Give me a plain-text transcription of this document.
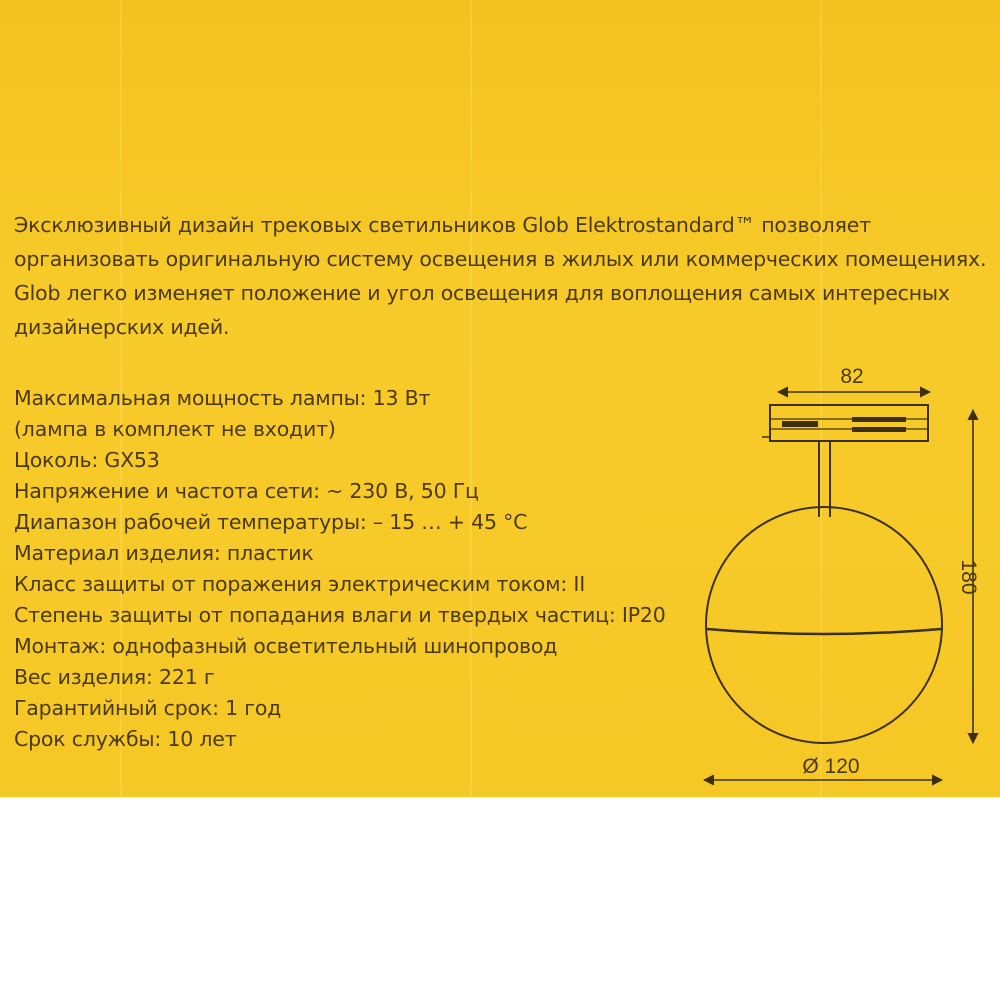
Эксклюзивный дизайн трековых светильников Glob Elektrostandard™ позволяет
организовать оригинальную систему освещения в жилых или коммерческих помещениях.
Glob легко изменяет положение и угол освещения для воплощения самых интересных
дизайнерских идей.
Максимальная мощность лампы: 13 Вт
(лампа в комплект не входит)
Цоколь: GX53
Напряжение и частота сети: ~ 230 В, 50 Гц
Диапазон рабочей температуры: – 15 … + 45 °С
Материал изделия: пластик
Класс защиты от поражения электрическим током: II
Степень защиты от попадания влаги и твердых частиц: IP20
Монтаж: однофазный осветительный шинопровод
Вес изделия: 221 г
Гарантийный срок: 1 год
Срок службы: 10 лет
82
180
Ø 120
